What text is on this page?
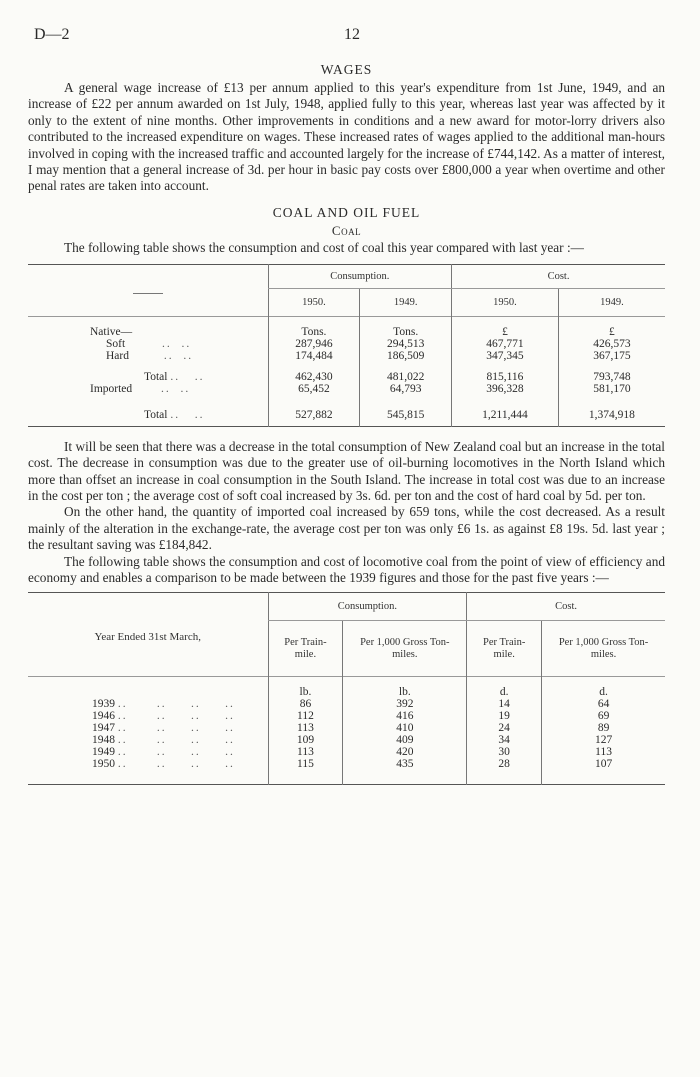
D—2	12
WAGES

A general wage increase of £13 per annum applied to this year's expenditure from 1st June, 1949, and an increase of £22 per annum awarded on 1st July, 1948, applied fully to this year, whereas last year was affected by it only to the extent of nine months. Other improvements in conditions and a new award for motor-lorry drivers also contributed to the increased expenditure on wages. These increased rates of wages applied to the additional man-hours involved in coping with the increased traffic and accounted largely for the increase of £744,142. As a matter of interest, I may mention that a general increase of 3d. per hour in basic pay costs over £800,000 a year when overtime and other penal rates are taken into account.

COAL AND OIL FUEL
Coal

The following table shows the consumption and cost of coal this year compared with last year :—

	Consumption.		Cost.	
	1950.	1949.	1950.	1949.

Native—	Tons.	Tons.	£	£
Soft ..  ..	287,946	294,513	467,771	426,573
Hard ..  ..	174,484	186,509	347,345	367,175

Total ..   ..	462,430	481,022	815,116	793,748
Imported ..  ..	65,452	64,793	396,328	581,170

Total ..   ..	527,882	545,815	1,211,444	1,374,918

It will be seen that there was a decrease in the total consumption of New Zealand coal but an increase in the total cost. The decrease in consumption was due to the greater use of oil-burning locomotives in the North Island which more than offset an increase in coal consumption in the South Island. The increase in total cost was due to an increase in the cost per ton ; the average cost of soft coal increased by 3s. 6d. per ton and the cost of hard coal by 5d. per ton.

On the other hand, the quantity of imported coal increased by 659 tons, while the cost decreased. As a result mainly of the alteration in the exchange-rate, the average cost per ton was only £6 1s. as against £8 19s. 5d. last year ; the resultant saving was £184,842.

The following table shows the consumption and cost of locomotive coal from the point of view of efficiency and economy and enables a comparison to be made between the 1939 figures and those for the past five years :—

Year Ended 31st March,	Consumption.		Cost.	
	Per Train-mile.	Per 1,000 Gross Ton-miles.	Per Train-mile.	Per 1,000 Gross Ton-miles.

	lb.	lb.	d.	d.
1939 ..      ..     ..     ..	86	392	14	64
1946 ..      ..     ..     ..	112	416	19	69
1947 ..      ..     ..     ..	113	410	24	89
1948 ..      ..     ..     ..	109	409	34	127
1949 ..      ..     ..     ..	113	420	30	113
1950 ..      ..     ..     ..	115	435	28	107
